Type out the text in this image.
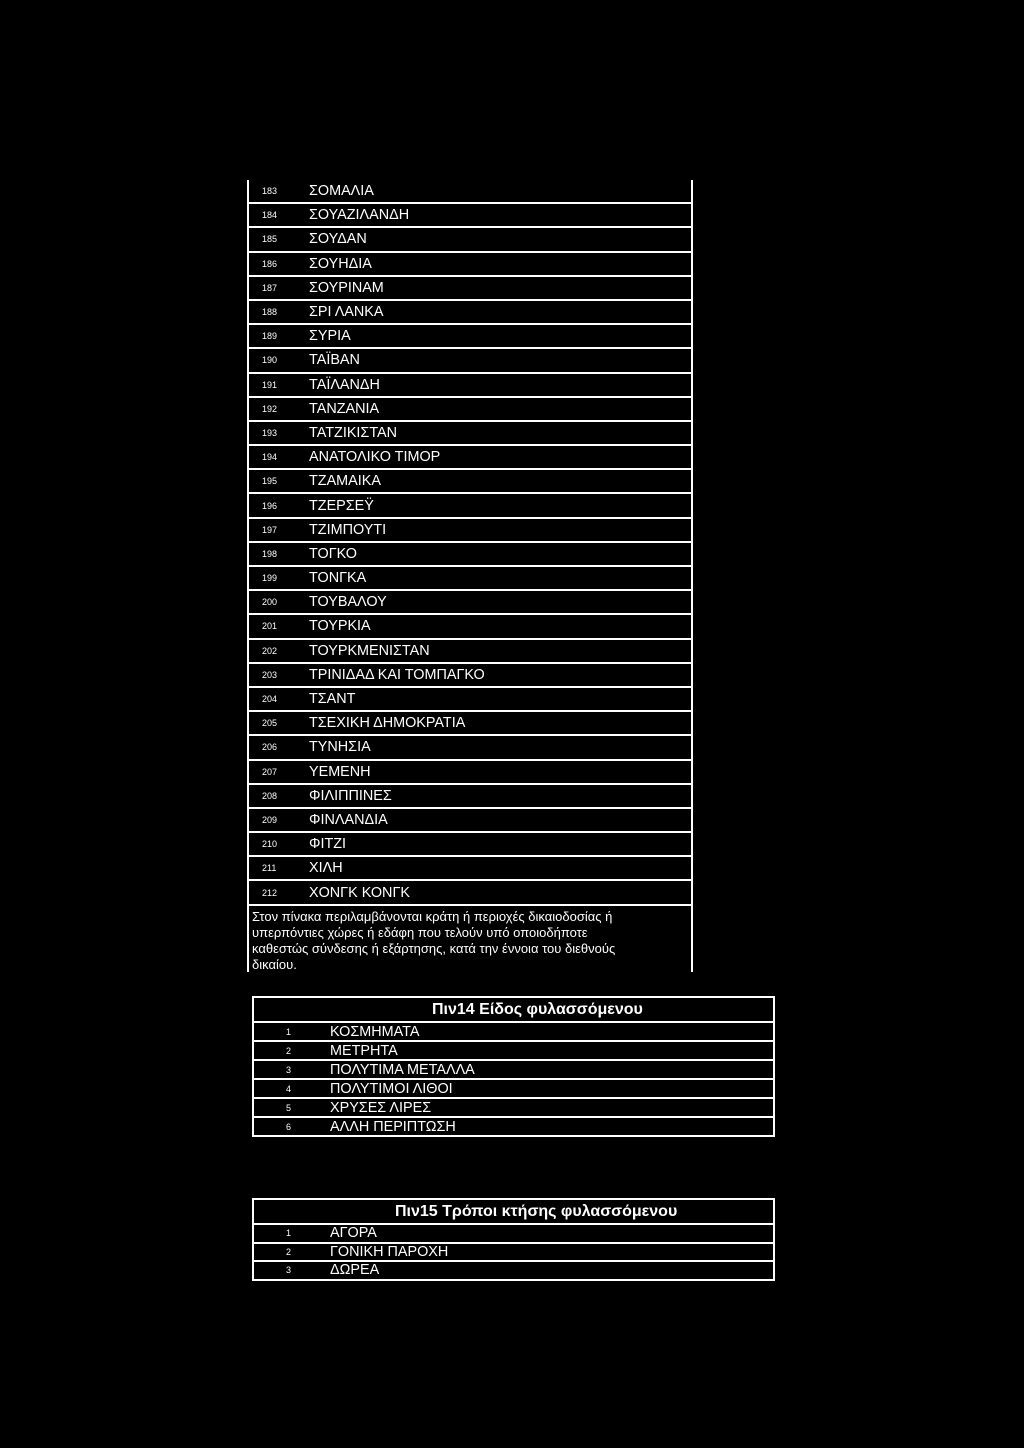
183	ΣΟΜΑΛΙΑ
184	ΣΟΥΑΖΙΛΑΝΔΗ
185	ΣΟΥΔΑΝ
186	ΣΟΥΗΔΙΑ
187	ΣΟΥΡΙΝΑΜ
188	ΣΡΙ ΛΑΝΚΑ
189	ΣΥΡΙΑ
190	ΤΑΪΒΑΝ
191	ΤΑΪΛΑΝΔΗ
192	ΤΑΝΖΑΝΙΑ
193	ΤΑΤΖΙΚΙΣΤΑΝ
194	ΑΝΑΤΟΛΙΚΟ ΤΙΜΟΡ
195	ΤΖΑΜΑΙΚΑ
196	ΤΖΕΡΣΕΫ
197	ΤΖΙΜΠΟΥΤΙ
198	ΤΟΓΚΟ
199	ΤΟΝΓΚΑ
200	ΤΟΥΒΑΛΟΥ
201	ΤΟΥΡΚΙΑ
202	ΤΟΥΡΚΜΕΝΙΣΤΑΝ
203	ΤΡΙΝΙΔΑΔ ΚΑΙ ΤΟΜΠΑΓΚΟ
204	ΤΣΑΝΤ
205	ΤΣΕΧΙΚΗ ΔΗΜΟΚΡΑΤΙΑ
206	ΤΥΝΗΣΙΑ
207	ΥΕΜΕΝΗ
208	ΦΙΛΙΠΠΙΝΕΣ
209	ΦΙΝΛΑΝΔΙΑ
210	ΦΙΤΖΙ
211	ΧΙΛΗ
212	ΧΟΝΓΚ ΚΟΝΓΚ
Στον πίνακα περιλαμβάνονται κράτη ή περιοχές δικαιοδοσίας ή
υπερπόντιες χώρες ή εδάφη που τελούν υπό οποιοδήποτε
καθεστώς σύνδεσης ή εξάρτησης, κατά την έννοια του διεθνούς
δικαίου.
Πιν14 Είδος φυλασσόμενου
1	ΚΟΣΜΗΜΑΤΑ
2	ΜΕΤΡΗΤΑ
3	ΠΟΛΥΤΙΜΑ ΜΕΤΑΛΛΑ
4	ΠΟΛΥΤΙΜΟΙ ΛΙΘΟΙ
5	ΧΡΥΣΕΣ ΛΙΡΕΣ
6	ΑΛΛΗ ΠΕΡΙΠΤΩΣΗ
Πιν15 Τρόποι κτήσης φυλασσόμενου
1	ΑΓΟΡΑ
2	ΓΟΝΙΚΗ ΠΑΡΟΧΗ
3	ΔΩΡΕΑ
